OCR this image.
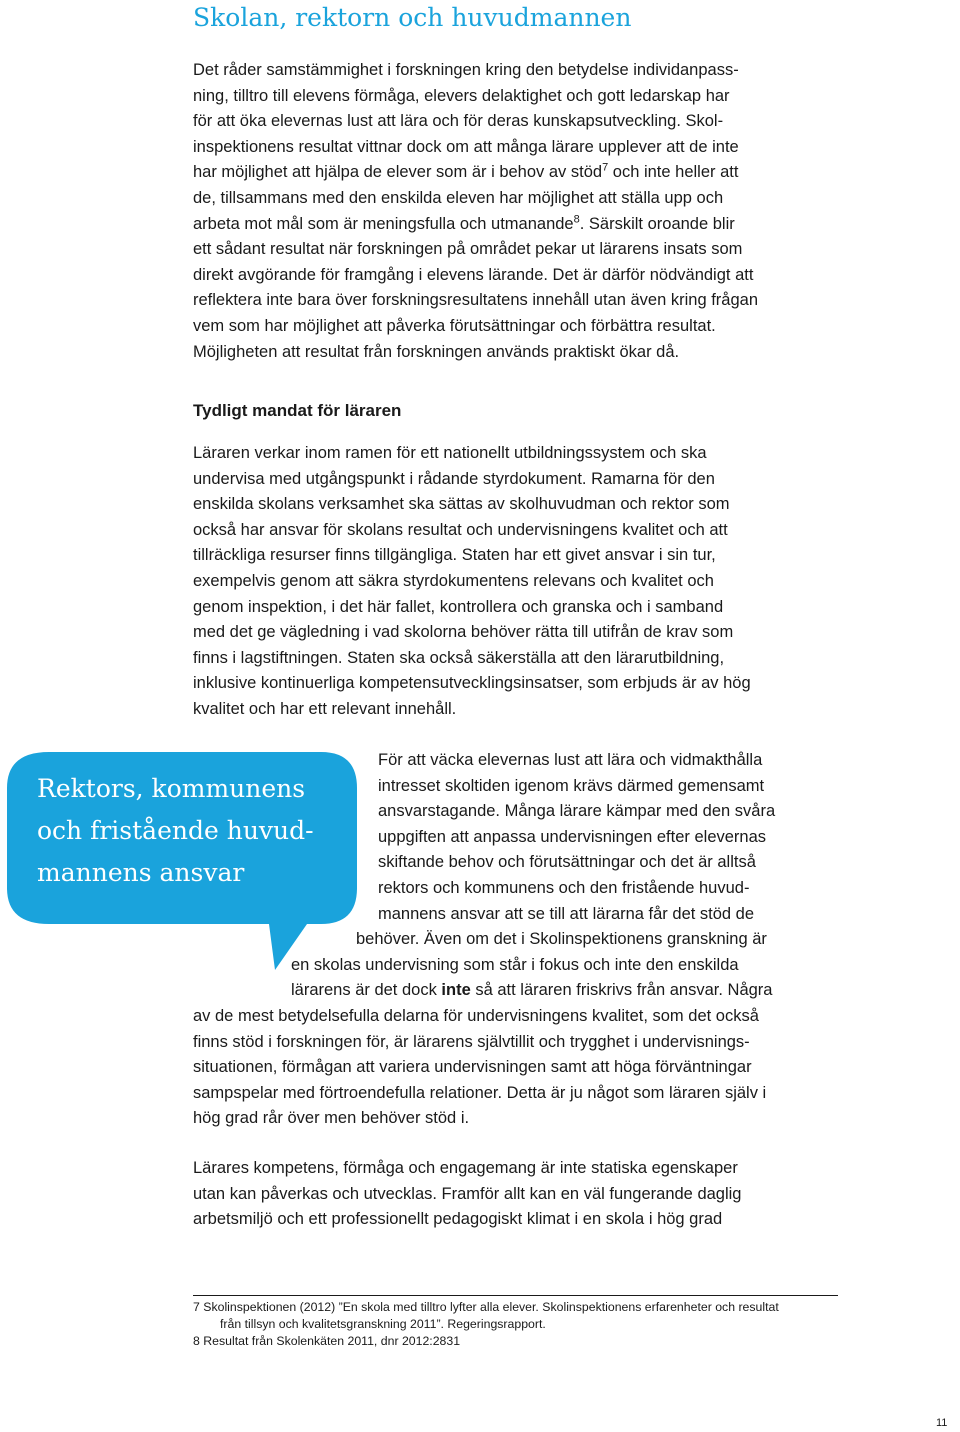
Skolan, rektorn och huvudmannen
Det råder samstämmighet i forskningen kring den betydelse individanpass-
ning, tilltro till elevens förmåga, elevers delaktighet och gott ledarskap har
för att öka elevernas lust att lära och för deras kunskapsutveckling. Skol-
inspektionens resultat vittnar dock om att många lärare upplever att de inte
har möjlighet att hjälpa de elever som är i behov av stöd$^7$ och inte heller att
de, tillsammans med den enskilda eleven har möjlighet att ställa upp och
arbeta mot mål som är meningsfulla och utmanande$^8$. Särskilt oroande blir
ett sådant resultat när forskningen på området pekar ut lärarens insats som
direkt avgörande för framgång i elevens lärande. Det är därför nödvändigt att
reflektera inte bara över forskningsresultatens innehåll utan även kring frågan
vem som har möjlighet att påverka förutsättningar och förbättra resultat.
Möjligheten att resultat från forskningen används praktiskt ökar då.
Tydligt mandat för läraren
Läraren verkar inom ramen för ett nationellt utbildningssystem och ska
undervisa med utgångspunkt i rådande styrdokument. Ramarna för den
enskilda skolans verksamhet ska sättas av skolhuvudman och rektor som
också har ansvar för skolans resultat och undervisningens kvalitet och att
tillräckliga resurser finns tillgängliga. Staten har ett givet ansvar i sin tur,
exempelvis genom att säkra styrdokumentens relevans och kvalitet och
genom inspektion, i det här fallet, kontrollera och granska och i samband
med det ge vägledning i vad skolorna behöver rätta till utifrån de krav som
finns i lagstiftningen. Staten ska också säkerställa att den lärarutbildning,
inklusive kontinuerliga kompetensutvecklingsinsatser, som erbjuds är av hög
kvalitet och har ett relevant innehåll.

Rektors, kommunens
och fristående huvud-
mannens ansvar

För att väcka elevernas lust att lära och vidmakthålla
intresset skoltiden igenom krävs därmed gemensamt
ansvarstagande. Många lärare kämpar med den svåra
uppgiften att anpassa undervisningen efter elevernas
skiftande behov och förutsättningar och det är alltså
rektors och kommunens och den fristående huvud-
mannens ansvar att se till att lärarna får det stöd de
behöver. Även om det i Skolinspektionens granskning är
en skolas undervisning som står i fokus och inte den enskilda
lärarens är det dock inte så att läraren friskrivs från ansvar. Några
av de mest betydelsefulla delarna för undervisningens kvalitet, som det också
finns stöd i forskningen för, är lärarens självtillit och trygghet i undervisnings-
situationen, förmågan att variera undervisningen samt att höga förväntningar
sampspelar med förtroendefulla relationer. Detta är ju något som läraren själv i
hög grad rår över men behöver stöd i.
Lärares kompetens, förmåga och engagemang är inte statiska egenskaper
utan kan påverkas och utvecklas. Framför allt kan en väl fungerande daglig
arbetsmiljö och ett professionellt pedagogiskt klimat i en skola i hög grad
7 Skolinspektionen (2012) ”En skola med tilltro lyfter alla elever. Skolinspektionens erfarenheter och resultat
från tillsyn och kvalitetsgranskning 2011”. Regeringsrapport.
8 Resultat från Skolenkäten 2011, dnr 2012:2831
11
